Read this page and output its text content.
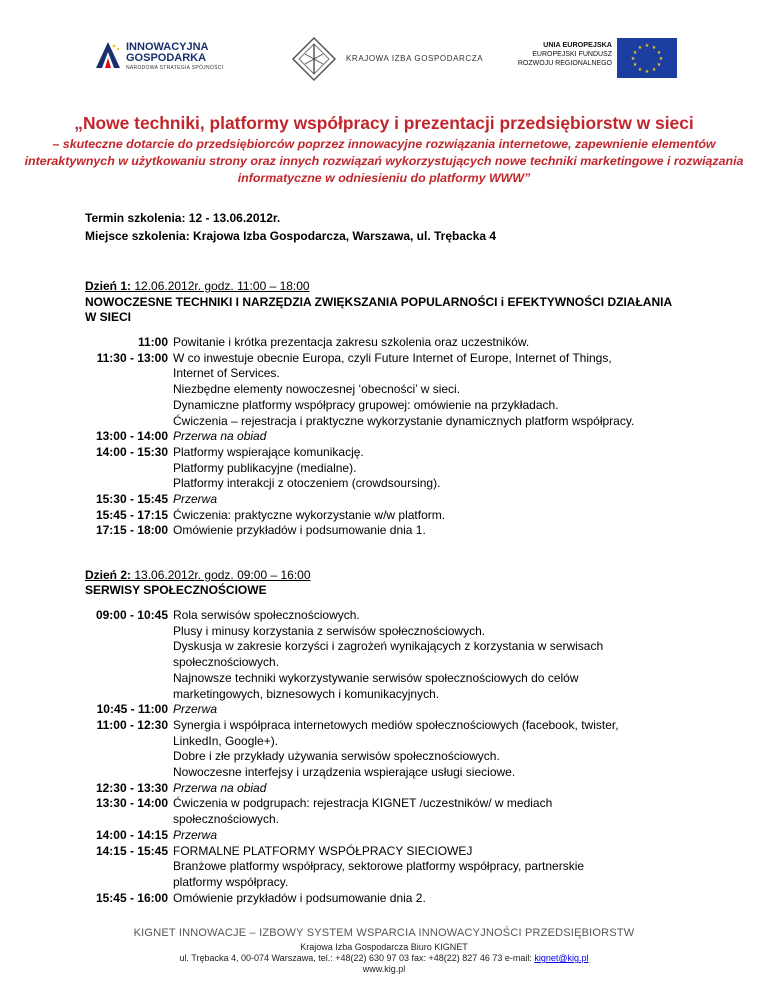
INNOWACYJNA
GOSPODARKA
NARODOWA STRATEGIA SPÓJNOŚCI
KRAJOWA IZBA GOSPODARCZA
UNIA EUROPEJSKA
EUROPEJSKI FUNDUSZ
ROZWOJU REGIONALNEGO
★ ★
★
★
★
★
★
★
★
★
★
★
„Nowe techniki, platformy współpracy i prezentacji przedsiębiorstw w sieci
– skuteczne dotarcie do przedsiębiorców poprzez innowacyjne rozwiązania internetowe, zapewnienie elementów interaktywnych w użytkowaniu strony oraz innych rozwiązań wykorzystujących nowe techniki marketingowe i rozwiązania informatyczne w odniesieniu do platformy WWW”
Termin szkolenia: 12 - 13.06.2012r.
Miejsce szkolenia: Krajowa Izba Gospodarcza, Warszawa, ul. Trębacka 4
Dzień 1: 12.06.2012r. godz. 11:00 – 18:00
NOWOCZESNE TECHNIKI I NARZĘDZIA ZWIĘKSZANIA POPULARNOŚCI i EFEKTYWNOŚCI DZIAŁANIA
W SIECI
11:00 Powitanie i krótka prezentacja zakresu szkolenia oraz uczestników.
11:30 - 13:00 W co inwestuje obecnie Europa, czyli Future Internet of Europe, Internet of Things,
Internet of Services.
Niezbędne elementy nowoczesnej ‘obecności’ w sieci.
Dynamiczne platformy współpracy grupowej: omówienie na przykładach.
Ćwiczenia – rejestracja i praktyczne wykorzystanie dynamicznych platform współpracy.
13:00 - 14:00 Przerwa na obiad
14:00 - 15:30 Platformy wspierające komunikację.
Platformy publikacyjne (medialne).
Platformy interakcji z otoczeniem (crowdsoursing).
15:30 - 15:45 Przerwa
15:45 - 17:15 Ćwiczenia: praktyczne wykorzystanie w/w platform.
17:15 - 18:00 Omówienie przykładów i podsumowanie dnia 1.
Dzień 2: 13.06.2012r. godz. 09:00 – 16:00
SERWISY SPOŁECZNOŚCIOWE
09:00 - 10:45 Rola serwisów społecznościowych.
Plusy i minusy korzystania z serwisów społecznościowych.
Dyskusja w zakresie korzyści i zagrożeń wynikających z korzystania w serwisach
społecznościowych.
Najnowsze techniki wykorzystywanie serwisów społecznościowych do celów
marketingowych, biznesowych i komunikacyjnych.
10:45 - 11:00 Przerwa
11:00 - 12:30 Synergia i współpraca internetowych mediów społecznościowych (facebook, twister,
LinkedIn, Google+).
Dobre i złe przykłady używania serwisów społecznościowych.
Nowoczesne interfejsy i urządzenia wspierające usługi sieciowe.
12:30 - 13:30 Przerwa na obiad
13:30 - 14:00 Ćwiczenia w podgrupach: rejestracja KIGNET /uczestników/ w mediach
społecznościowych.
14:00 - 14:15 Przerwa
14:15 - 15:45 FORMALNE PLATFORMY WSPÓŁPRACY SIECIOWEJ
Branżowe platformy współpracy, sektorowe platformy współpracy, partnerskie
platformy współpracy.
15:45 - 16:00 Omówienie przykładów i podsumowanie dnia 2.
KIGNET INNOWACJE – IZBOWY SYSTEM WSPARCIA INNOWACYJNOŚCI PRZEDSIĘBIORSTW
Krajowa Izba Gospodarcza Biuro KIGNET
ul. Trębacka 4, 00-074 Warszawa, tel.: +48(22) 630 97 03 fax: +48(22) 827 46 73 e-mail: kignet@kig.pl
www.kig.pl
